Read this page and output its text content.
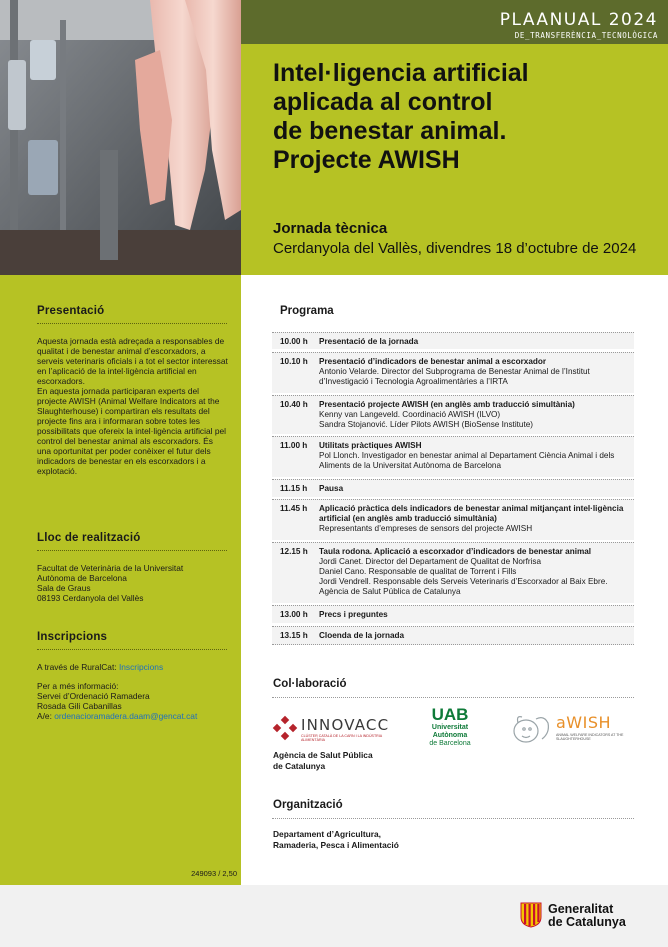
PLAANUAL 2024
DE_TRANSFERÈNCIA_TECNOLÒGICA
Intel·ligencia artificial
aplicada al control
de benestar animal.
Projecte AWISH
Jornada tècnica
Cerdanyola del Vallès, divendres 18 d’octubre de 2024
Presentació
Aquesta jornada està adreçada a responsables de qualitat i de benestar animal d’escorxadors, a serveis veterinaris oficials i a tot el sector interessat en l’aplicació de la intel·ligència artificial en escorxadors.
En aquesta jornada participaran experts del projecte AWISH (Animal Welfare Indicators at the Slaughterhouse) i compartiran els resultats del projecte fins ara i informaran sobre totes les possibilitats que ofereix la intel·ligència artificial pel control del benestar animal als escorxadors. És una oportunitat per poder conèixer el futur dels indicadors de benestar en els escorxadors i a explotació.
Lloc de realització
Facultat de Veterinària de la Universitat
Autònoma de Barcelona
Sala de Graus
08193 Cerdanyola del Vallès
Inscripcions
A través de RuralCat: Inscripcions
Per a més informació:
Servei d’Ordenació Ramadera
Rosada Gili Cabanillas
A/e: ordenacioramadera.daam@gencat.cat
249093 / 2,50
Programa
10.00 h Presentació de la jornada
10.10 h Presentació d’indicadors de benestar animal a escorxador
Antonio Velarde. Director del Subprograma de Benestar Animal de l’Institut d’Investigació i Tecnologia Agroalimentàries a l’IRTA
10.40 h Presentació projecte AWISH (en anglès amb traducció simultània)
Kenny van Langeveld. Coordinació AWISH (ILVO)
Sandra Stojanović. Líder Pilots AWISH (BioSense Institute)
11.00 h Utilitats pràctiques AWISH
Pol Llonch. Investigador en benestar animal al Departament Ciència Animal i dels Aliments de la Universitat Autònoma de Barcelona
11.15 h Pausa
11.45 h Aplicació pràctica dels indicadors de benestar animal mitjançant intel·ligència artificial (en anglès amb traducció simultània)
Representants d’empreses de sensors del projecte AWISH
12.15 h Taula rodona. Aplicació a escorxador d’indicadors de benestar animal
Jordi Canet. Director del Departament de Qualitat de Norfrisa
Daniel Cano. Responsable de qualitat de Torrent i Fills
Jordi Vendrell. Responsable dels Serveis Veterinaris d’Escorxador al Baix Ebre. Agència de Salut Pública de Catalunya
13.00 h Precs i preguntes
13.15 h Cloenda de la jornada
Col·laboració
INNOVACC
CLÚSTER CATALÀ DE LA CARN I LA INDÚSTRIA ALIMENTÀRIA
UAB
Universitat Autònoma
de Barcelona
aWISH
ANIMAL WELFARE INDICATORS AT THE SLAUGHTERHOUSE
Agència de Salut Pública
de Catalunya
Organització
Departament d’Agricultura,
Ramaderia, Pesca i Alimentació
Generalitat
de Catalunya
